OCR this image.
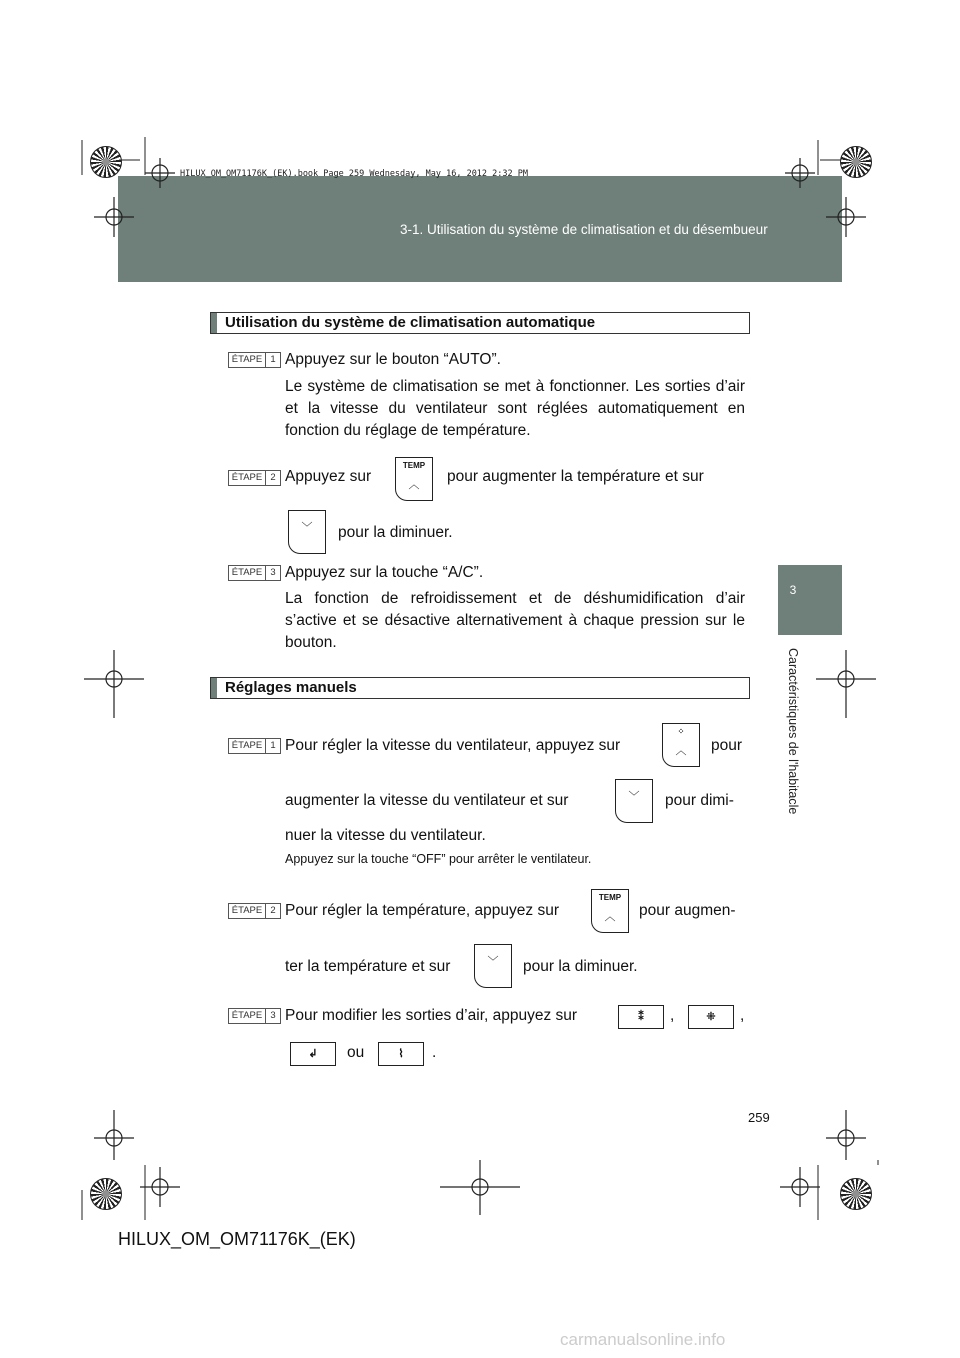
HILUX_OM_OM71176K_(EK).book Page 259 Wednesday, May 16, 2012 2:32 PM
3-1. Utilisation du système de climatisation et du désembueur
3
Caractéristiques de l'habitacle
Utilisation du système de climatisation automatique
ÉTAPE 1 Appuyez sur le bouton “AUTO”.
Le système de climatisation se met à fonctionner. Les sorties d’air et la vitesse du ventilateur sont réglées automatiquement en fonction du réglage de température.
ÉTAPE 2 Appuyez sur
TEMP
︿	pour augmenter la température et sur
﹀	pour la diminuer.
ÉTAPE 3 Appuyez sur la touche “A/C”.
La fonction de refroidissement et de déshumidification d’air s’active et se désactive alternativement à chaque pression sur le bouton.
Réglages manuels
ÉTAPE 1 Pour régler la vitesse du ventilateur, appuyez sur
⁘
︿	pour
augmenter la vitesse du ventilateur et sur	﹀	pour dimi-
nuer la vitesse du ventilateur.
Appuyez sur la touche “OFF” pour arrêter le ventilateur.
ÉTAPE 2 Pour régler la température, appuyez sur
TEMP
︿	pour augmen-
ter la température et sur	﹀	pour la diminuer.
ÉTAPE 3 Pour modifier les sorties d’air, appuyez sur	⁑	,	⁜	,
↲	ou	⌇	.
259
HILUX_OM_OM71176K_(EK)
carmanualsonline.info
